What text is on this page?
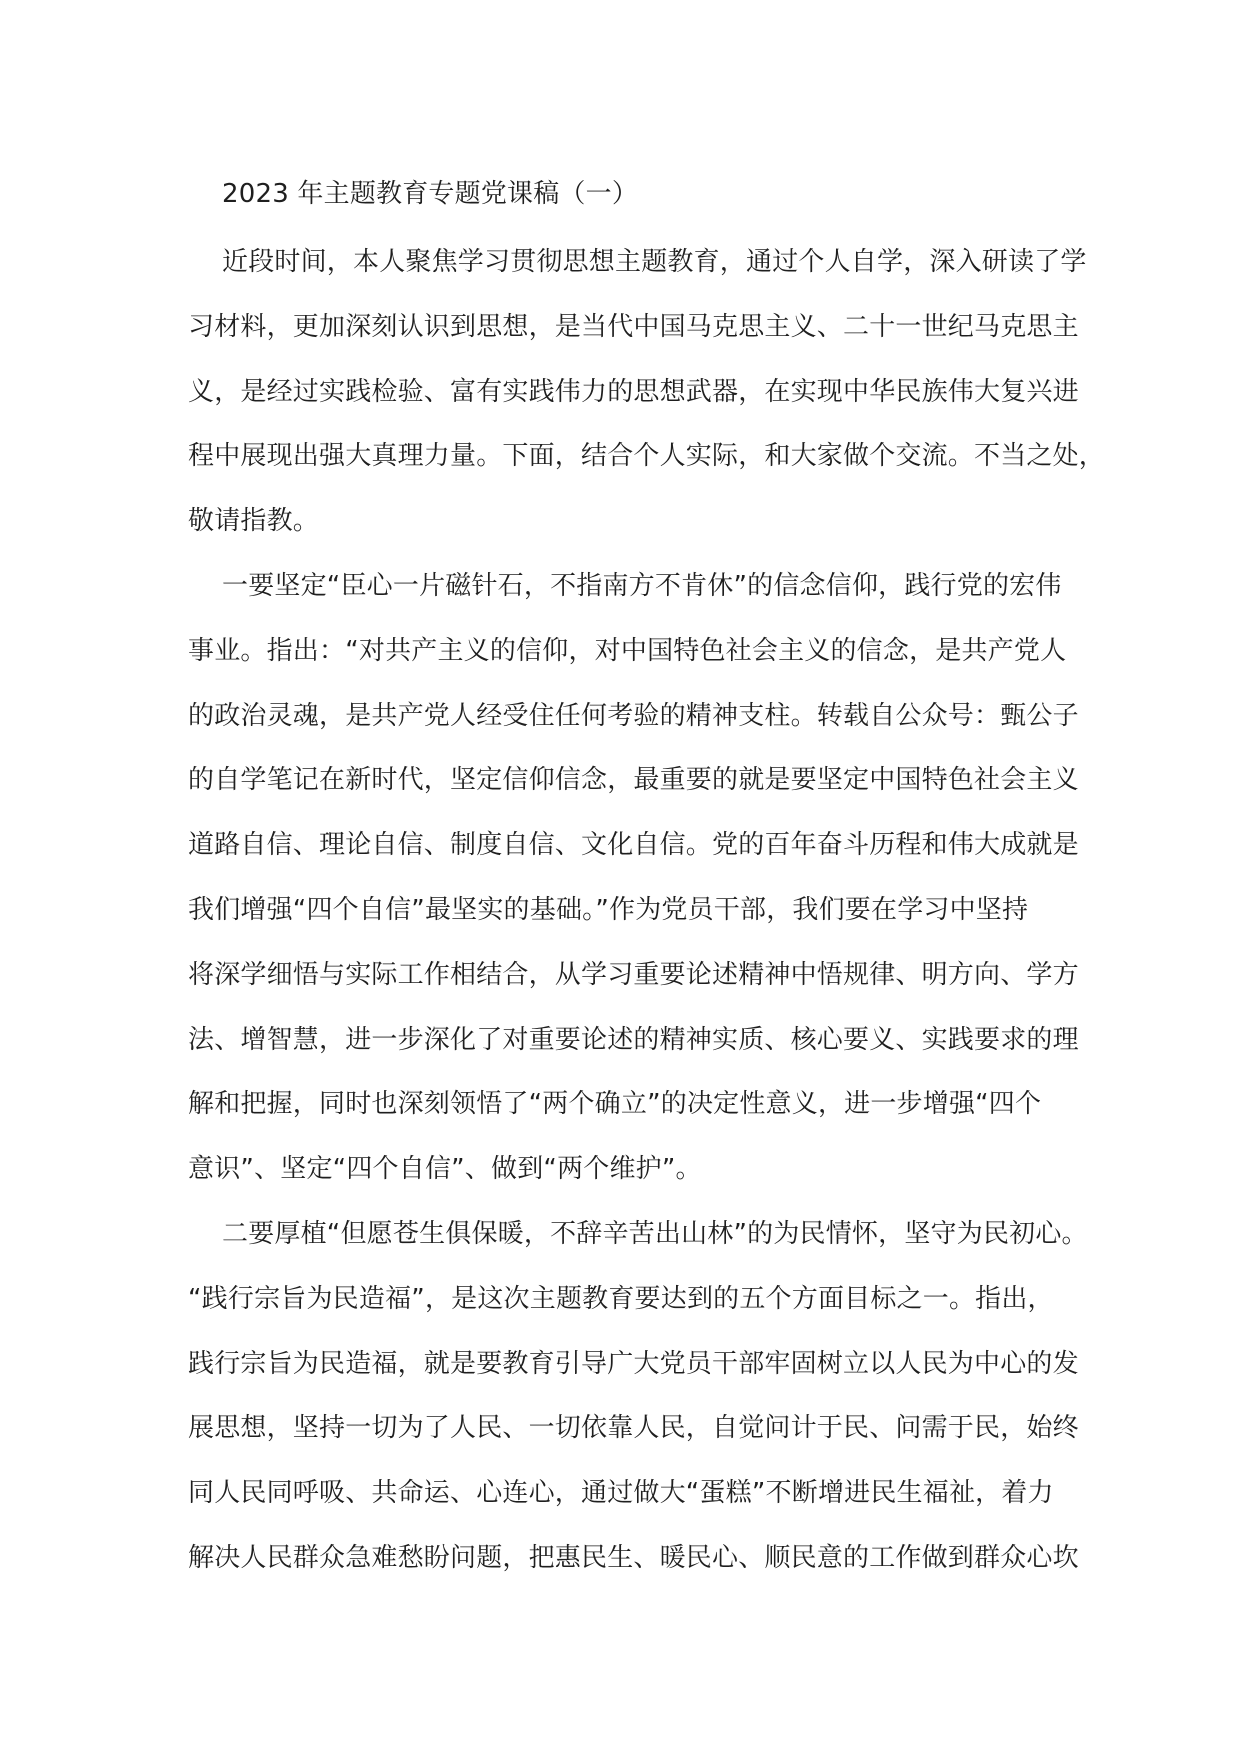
2023 年主题教育专题党课稿（一）
近段时间，本人聚焦学习贯彻思想主题教育，通过个人自学，深入研读了学
习材料，更加深刻认识到思想，是当代中国马克思主义、二十一世纪马克思主
义，是经过实践检验、富有实践伟力的思想武器，在实现中华民族伟大复兴进
程中展现出强大真理力量。下面，结合个人实际，和大家做个交流。不当之处，
敬请指教。
一要坚定“臣心一片磁针石，不指南方不肯休”的信念信仰，践行党的宏伟
事业。指出：“对共产主义的信仰，对中国特色社会主义的信念，是共产党人
的政治灵魂，是共产党人经受住任何考验的精神支柱。转载自公众号：甄公子
的自学笔记在新时代，坚定信仰信念，最重要的就是要坚定中国特色社会主义
道路自信、理论自信、制度自信、文化自信。党的百年奋斗历程和伟大成就是
我们增强“四个自信”最坚实的基础。”作为党员干部，我们要在学习中坚持
将深学细悟与实际工作相结合，从学习重要论述精神中悟规律、明方向、学方
法、增智慧，进一步深化了对重要论述的精神实质、核心要义、实践要求的理
解和把握，同时也深刻领悟了“两个确立”的决定性意义，进一步增强“四个
意识”、坚定“四个自信”、做到“两个维护”。
二要厚植“但愿苍生俱保暖，不辞辛苦出山林”的为民情怀，坚守为民初心。
“践行宗旨为民造福”，是这次主题教育要达到的五个方面目标之一。指出，
践行宗旨为民造福，就是要教育引导广大党员干部牢固树立以人民为中心的发
展思想，坚持一切为了人民、一切依靠人民，自觉问计于民、问需于民，始终
同人民同呼吸、共命运、心连心，通过做大“蛋糕”不断增进民生福祉，着力
解决人民群众急难愁盼问题，把惠民生、暖民心、顺民意的工作做到群众心坎
